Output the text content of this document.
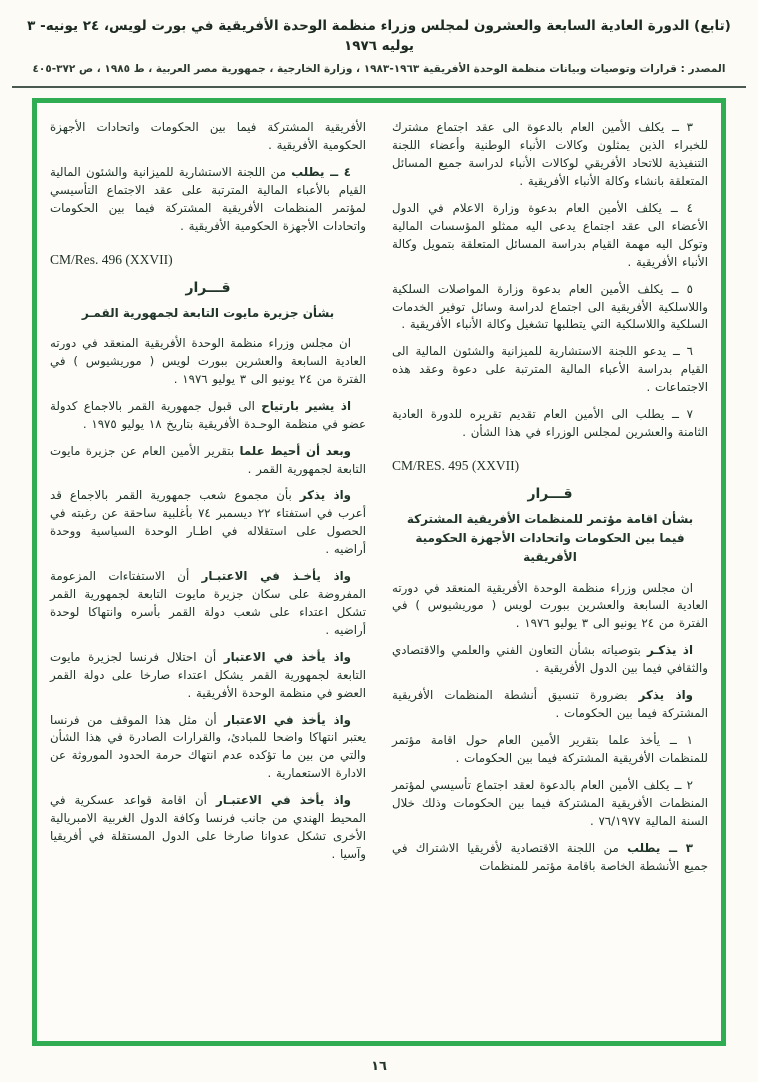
(تابع) الدورة العادية السابعة والعشرون لمجلس وزراء منظمة الوحدة الأفريقية في بورت لويس، ٢٤ يونيه- ٣ يوليه ١٩٧٦
المصدر : قرارات وتوصيات وبيانات منظمة الوحدة الأفريقية ١٩٦٣-١٩٨٣ ، وزارة الخارجية ، جمهورية مصر العربية ، ط ١٩٨٥ ، ص ٣٧٢-٤٠٥

٣ ــ يكلف الأمين العام بالدعوة الى عقد اجتماع مشترك للخبراء الذين يمثلون وكالات الأنباء الوطنية وأعضاء اللجنة التنفيذية للاتحاد الأفريقي لوكالات الأنباء لدراسة جميع المسائل المتعلقة بانشاء وكالة الأنباء الأفريقية .

٤ ــ يكلف الأمين العام بدعوة وزارة الاعلام في الدول الأعضاء الى عقد اجتماع يدعى اليه ممثلو المؤسسات المالية وتوكل اليه مهمة القيام بدراسة المسائل المتعلقة بتمويل وكالة الأنباء الأفريقية .

٥ ــ يكلف الأمين العام بدعوة وزارة المواصلات السلكية واللاسلكية الأفريقية الى اجتماع لدراسة وسائل توفير الخدمات السلكية واللاسلكية التي يتطلبها تشغيل وكالة الأنباء الأفريقية .

٦ ــ يدعو اللجنة الاستشارية للميزانية والشئون المالية الى القيام بدراسة الأعباء المالية المترتبة على دعوة وعقد هذه الاجتماعات .

٧ ــ يطلب الى الأمين العام تقديم تقريره للدورة العادية الثامنة والعشرين لمجلس الوزراء في هذا الشأن .

CM/RES. 495 (XXVII)

قـــرار
بشأن اقامة مؤتمر للمنظمات الأفريقية المشتركة فيما بين الحكومات واتحادات الأجهزة الحكومية الأفريقية

ان مجلس وزراء منظمة الوحدة الأفريقية المنعقد في دورته العادية السابعة والعشرين ببورت لويس ( موريشيوس ) في الفترة من ٢٤ يونيو الى ٣ يوليو ١٩٧٦ .

اذ يذكـر بتوصياته بشأن التعاون الفني والعلمي والاقتصادي والثقافي فيما بين الدول الأفريقية .

واذ يذكر بضرورة تنسيق أنشطة المنظمات الأفريقية المشتركة فيما بين الحكومات .

١ ــ يأخذ علما بتقرير الأمين العام حول اقامة مؤتمر للمنظمات الأفريقية المشتركة فيما بين الحكومات .

٢ ــ يكلف الأمين العام بالدعوة لعقد اجتماع تأسيسي لمؤتمر المنظمات الأفريقية المشتركة فيما بين الحكومات وذلك خلال السنة المالية ٧٦/١٩٧٧ .

٣ ــ يطلب من اللجنة الاقتصادية لأفريقيا الاشتراك في جميع الأنشطة الخاصة باقامة مؤتمر للمنظمات

الأفريقية المشتركة فيما بين الحكومات واتحادات الأجهزة الحكومية الأفريقية .

٤ ــ يطلب من اللجنة الاستشارية للميزانية والشئون المالية القيام بالأعباء المالية المترتبة على عقد الاجتماع التأسيسي لمؤتمر المنظمات الأفريقية المشتركة فيما بين الحكومات واتحادات الأجهزة الحكومية الأفريقية .

CM/Res. 496 (XXVII)

قـــرار
بشأن جزيرة مايوت التابعة لجمهورية القمـر

ان مجلس وزراء منظمة الوحدة الأفريقية المنعقد في دورته العادية السابعة والعشرين ببورت لويس ( موريشيوس ) في الفترة من ٢٤ يونيو الى ٣ يوليو ١٩٧٦ .

اذ يشير بارتياح الى قبول جمهورية القمر بالاجماع كدولة عضو في منظمة الوحـدة الأفريقية بتاريخ ١٨ يوليو ١٩٧٥ .

وبعد أن أحيط علما بتقرير الأمين العام عن جزيرة مايوت التابعة لجمهورية القمر .

واذ يذكر بأن مجموع شعب جمهورية القمر بالاجماع قد أعرب في استفتاء ٢٢ ديسمبر ٧٤ بأغلبية ساحقة عن رغبته في الحصول على استقلاله في اطـار الوحدة السياسية ووحدة أراضيه .

واذ يأخـذ في الاعتبـار أن الاستفتاءات المزعومة المفروضة على سكان جزيرة مايوت التابعة لجمهورية القمر تشكل اعتداء على شعب دولة القمر بأسره وانتهاكا لوحدة أراضيه .

واذ يأخذ في الاعتبار أن احتلال فرنسا لجزيرة مايوت التابعة لجمهورية القمر يشكل اعتداء صارخا على دولة القمر العضو في منظمة الوحدة الأفريقية .

واذ يأخذ في الاعتبار أن مثل هذا الموقف من فرنسا يعتبر انتهاكا واضحا للمبادئ، والقرارات الصادرة في هذا الشأن والتي من بين ما تؤكده عدم انتهاك حرمة الحدود الموروثة عن الادارة الاستعمارية .

واذ يأخذ في الاعتبـار أن اقامة قواعد عسكرية في المحيط الهندي من جانب فرنسا وكافة الدول الغربية الامبريالية الأخرى تشكل عدوانا صارخا على الدول المستقلة في أفريقيا وآسيا .

١٦
